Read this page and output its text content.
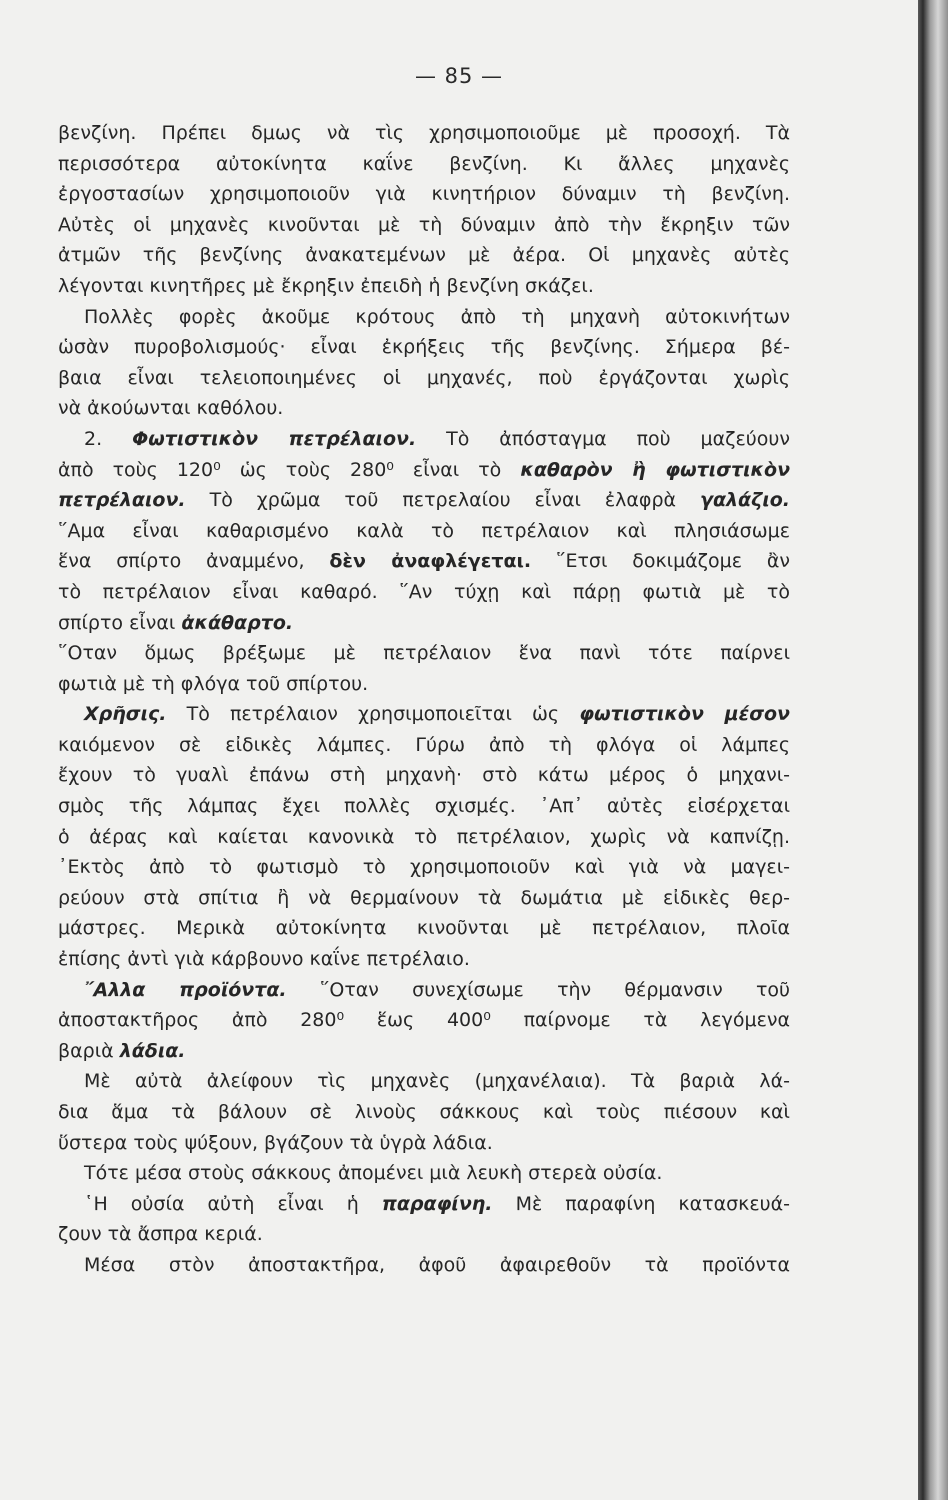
— 85 —
βενζίνη. Πρέπει δμως νὰ τὶς χρησιμοποιοῦμε μὲ προσοχή. Τὰ
περισσότερα αὐτοκίνητα καΐνε βενζίνη. Κι ἄλλες μηχανὲς
ἐργοστασίων χρησιμοποιοῦν γιὰ κινητήριον δύναμιν τὴ βενζίνη.
Αὐτὲς οἱ μηχανὲς κινοῦνται μὲ τὴ δύναμιν ἀπὸ τὴν ἔκρηξιν τῶν
ἀτμῶν τῆς βενζίνης ἀνακατεμένων μὲ ἀέρα. Οἱ μηχανὲς αὐτὲς
λέγονται κινητῆρες μὲ ἔκρηξιν ἐπειδὴ ἡ βενζίνη σκάζει.
Πολλὲς φορὲς ἀκοῦμε κρότους ἀπὸ τὴ μηχανὴ αὐτοκινήτων
ὡσὰν πυροβολισμούς· εἶναι ἐκρήξεις τῆς βενζίνης. Σήμερα βέ-
βαια εἶναι τελειοποιημένες οἱ μηχανές, ποὺ ἐργάζονται χωρὶς
νὰ ἀκούωνται καθόλου.
2. Φωτιστικὸν πετρέλαιον. Τὸ ἀπόσταγμα ποὺ μαζεύουν
ἀπὸ τοὺς 120⁰ ὡς τοὺς 280⁰ εἶναι τὸ καθαρὸν ἢ φωτιστικὸν
πετρέλαιον. Τὸ χρῶμα τοῦ πετρελαίου εἶναι ἐλαφρὰ γαλάζιο.
῞Αμα εἶναι καθαρισμένο καλὰ τὸ πετρέλαιον καὶ πλησιάσωμε
ἕνα σπίρτο ἀναμμένο, δὲν ἀναφλέγεται. ῞Ετσι δοκιμάζομε ἂν
τὸ πετρέλαιον εἶναι καθαρό. ῞Αν τύχῃ καὶ πάρῃ φωτιὰ μὲ τὸ
σπίρτο εἶναι ἀκάθαρτο.
῞Οταν ὅμως βρέξωμε μὲ πετρέλαιον ἕνα πανὶ τότε παίρνει
φωτιὰ μὲ τὴ φλόγα τοῦ σπίρτου.
Χρῆσις. Τὸ πετρέλαιον χρησιμοποιεῖται ὡς φωτιστικὸν μέσον
καιόμενον σὲ εἰδικὲς λάμπες. Γύρω ἀπὸ τὴ φλόγα οἱ λάμπες
ἔχουν τὸ γυαλὶ ἐπάνω στὴ μηχανὴ· στὸ κάτω μέρος ὁ μηχανι-
σμὸς τῆς λάμπας ἔχει πολλὲς σχισμές. ᾿Απ᾿ αὐτὲς εἰσέρχεται
ὁ ἀέρας καὶ καίεται κανονικὰ τὸ πετρέλαιον, χωρὶς νὰ καπνίζῃ.
᾿Εκτὸς ἀπὸ τὸ φωτισμὸ τὸ χρησιμοποιοῦν καὶ γιὰ νὰ μαγει-
ρεύουν στὰ σπίτια ἢ νὰ θερμαίνουν τὰ δωμάτια μὲ εἰδικὲς θερ-
μάστρες. Μερικὰ αὐτοκίνητα κινοῦνται μὲ πετρέλαιον, πλοῖα
ἐπίσης ἀντὶ γιὰ κάρβουνο καΐνε πετρέλαιο.
῎Αλλα προϊόντα. ῞Οταν συνεχίσωμε τὴν θέρμανσιν τοῦ
ἀποστακτῆρος ἀπὸ 280⁰ ἕως 400⁰ παίρνομε τὰ λεγόμενα
βαριὰ λάδια.
Μὲ αὐτὰ ἀλείφουν τὶς μηχανὲς (μηχανέλαια). Τὰ βαριὰ λά-
δια ἅμα τὰ βάλουν σὲ λινοὺς σάκκους καὶ τοὺς πιέσουν καὶ
ὕστερα τοὺς ψύξουν, βγάζουν τὰ ὑγρὰ λάδια.
Τότε μέσα στοὺς σάκκους ἀπομένει μιὰ λευκὴ στερεὰ οὐσία.
῾Η οὐσία αὐτὴ εἶναι ἡ παραφίνη. Μὲ παραφίνη κατασκευά-
ζουν τὰ ἄσπρα κεριά.
Μέσα στὸν ἀποστακτῆρα, ἀφοῦ ἀφαιρεθοῦν τὰ προϊόντα
